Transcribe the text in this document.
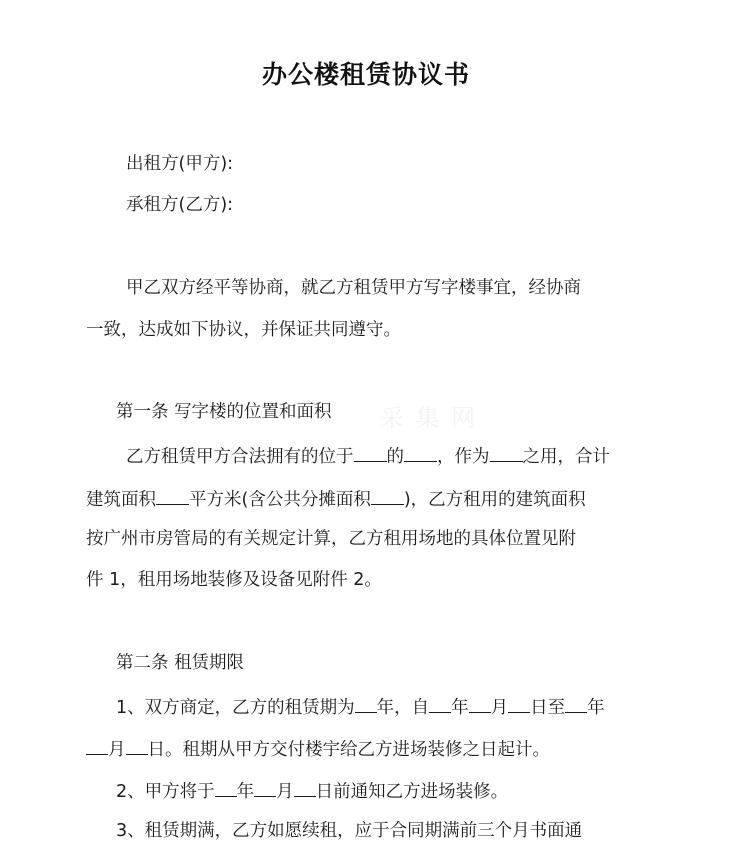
办公楼租赁协议书
出租方(甲方):
承租方(乙方):
甲乙双方经平等协商，就乙方租赁甲方写字楼事宜，经协商
一致，达成如下协议，并保证共同遵守。
第一条 写字楼的位置和面积
乙方租赁甲方合法拥有的位于 的 ，作为 之用，合计
建筑面积 平方米(含公共分摊面积 )，乙方租用的建筑面积
按广州市房管局的有关规定计算，乙方租用场地的具体位置见附
件 1，租用场地装修及设备见附件 2。
第二条 租赁期限
1、双方商定，乙方的租赁期为 年，自 年 月 日至 年
月 日。租期从甲方交付楼宇给乙方进场装修之日起计。
2、甲方将于 年 月 日前通知乙方进场装修。
3、租赁期满，乙方如愿续租，应于合同期满前三个月书面通
采 集 网
